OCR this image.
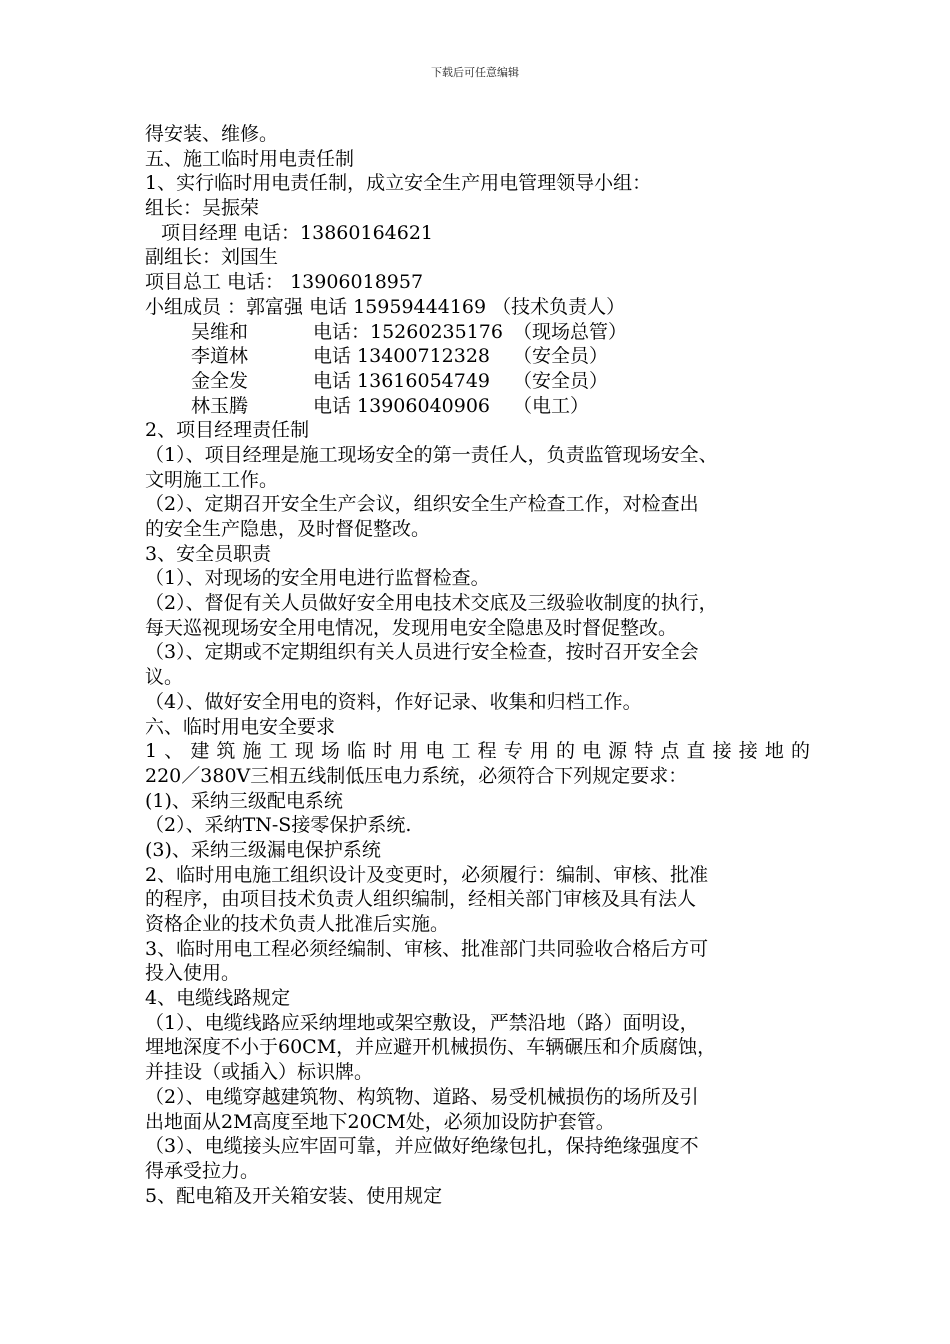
下载后可任意编辑
得安装、维修。
五、施工临时用电责任制
1、实行临时用电责任制，成立安全生产用电管理领导小组：
组长：吴振荣
项目经理 电话：13860164621
副组长：刘国生
项目总工 电话： 13906018957
小组成员 ：郭富强 电话 15959444169 （技术负责人）
吴维和	电话：15260235176 （现场总管）
李道林	电话 13400712328	（安全员）
金全发	电话 13616054749	（安全员）
林玉腾	电话 13906040906	（电工）
2、项目经理责任制
（1）、项目经理是施工现场安全的第一责任人，负责监管现场安全、
文明施工工作。
（2）、定期召开安全生产会议，组织安全生产检查工作，对检查出
的安全生产隐患，及时督促整改。
3、安全员职责
（1）、对现场的安全用电进行监督检查。
（2）、督促有关人员做好安全用电技术交底及三级验收制度的执行，
每天巡视现场安全用电情况，发现用电安全隐患及时督促整改。
（3）、定期或不定期组织有关人员进行安全检查，按时召开安全会
议。
（4）、做好安全用电的资料，作好记录、收集和归档工作。
六、临时用电安全要求
1、建筑施工现场临时用电工程专用的电源特点直接接地的
220／380V三相五线制低压电力系统，必须符合下列规定要求：
(1)、采纳三级配电系统
（2）、采纳TN-S接零保护系统.
(3)、采纳三级漏电保护系统
2、临时用电施工组织设计及变更时，必须履行：编制、审核、批准
的程序，由项目技术负责人组织编制，经相关部门审核及具有法人
资格企业的技术负责人批准后实施。
3、临时用电工程必须经编制、审核、批准部门共同验收合格后方可
投入使用。
4、电缆线路规定
（1）、电缆线路应采纳埋地或架空敷设，严禁沿地（路）面明设，
埋地深度不小于60CM，并应避开机械损伤、车辆碾压和介质腐蚀，
并挂设（或插入）标识牌。
（2）、电缆穿越建筑物、构筑物、道路、易受机械损伤的场所及引
出地面从2M高度至地下20CM处，必须加设防护套管。
（3）、电缆接头应牢固可靠，并应做好绝缘包扎，保持绝缘强度不
得承受拉力。
5、配电箱及开关箱安装、使用规定
